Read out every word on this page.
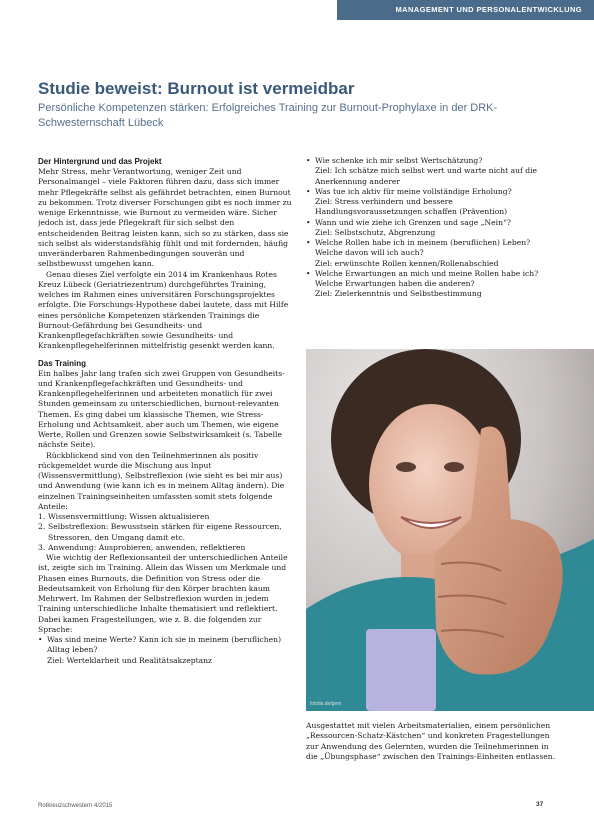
MANAGEMENT UND PERSONALENTWICKLUNG
Studie beweist: Burnout ist vermeidbar
Persönliche Kompetenzen stärken: Erfolgreiches Training zur Burnout-Prophylaxe in der DRK-Schwesternschaft Lübeck

Der Hintergrund und das Projekt

Mehr Stress, mehr Verantwortung, weniger Zeit und Personalmangel – viele Faktoren führen dazu, dass sich immer mehr Pflegekräfte selbst als gefährdet betrachten, einen Burnout zu bekommen. Trotz diverser Forschungen gibt es noch immer zu wenige Erkenntnisse, wie Burnout zu vermeiden wäre. Sicher jedoch ist, dass jede Pflegekraft für sich selbst den entscheidenden Beitrag leisten kann, sich so zu stärken, dass sie sich selbst als widerstandsfähig fühlt und mit fordernden, häufig unveränderbaren Rahmenbedingungen souverän und selbstbewusst umgehen kann.

Genau dieses Ziel verfolgte ein 2014 im Krankenhaus Rotes Kreuz Lübeck (Geriatriezentrum) durchgeführtes Training, welches im Rahmen eines universitären Forschungsprojektes erfolgte. Die Forschungs-Hypothese dabei lautete, dass mit Hilfe eines persönliche Kompetenzen stärkenden Trainings die Burnout-Gefährdung bei Gesundheits- und Krankenpflegefachkräften sowie Gesundheits- und Krankenpflegehelferinnen mittelfristig gesenkt werden kann.

Das Training

Ein halbes Jahr lang trafen sich zwei Gruppen von Gesundheits- und Krankenpflegefachkräften und Gesundheits- und Krankenpflegehelferinnen und arbeiteten monatlich für zwei Stunden gemeinsam zu unterschiedlichen, burnout-relevanten Themen. Es ging dabei um klassische Themen, wie Stress-Erholung und Achtsamkeit, aber auch um Themen, wie eigene Werte, Rollen und Grenzen sowie Selbstwirksamkeit (s. Tabelle nächste Seite).

Rückblickend sind von den Teilnehmerinnen als positiv rückgemeldet wurde die Mischung aus Input (Wissensvermittlung), Selbstreflexion (wie sieht es bei mir aus) und Anwendung (wie kann ich es in meinem Alltag ändern). Die einzelnen Trainingseinheiten umfassten somit stets folgende Anteile:

1. Wissensvermittlung: Wissen aktualisieren
2. Selbstreflexion: Bewusstsein stärken für eigene Ressourcen, Stressoren, den Umgang damit etc.
3. Anwendung: Ausprobieren, anwenden, reflektieren

Wie wichtig der Reflexionsanteil der unterschiedlichen Anteile ist, zeigte sich im Training. Allein das Wissen um Merkmale und Phasen eines Burnouts, die Definition von Stress oder die Bedeutsamkeit von Erholung für den Körper brachten kaum Mehrwert. Im Rahmen der Selbstreflexion wurden in jedem Training unterschiedliche Inhalte thematisiert und reflektiert. Dabei kamen Fragestellungen, wie z. B. die folgenden zur Sprache:

• Was sind meine Werte? Kann ich sie in meinem (beruflichen) Alltag leben?
Ziel: Werteklarheit und Realitätsakzeptanz
• Wie schenke ich mir selbst Wertschätzung?
Ziel: Ich schätze mich selbst wert und warte nicht auf die Anerkennung anderer
• Was tue ich aktiv für meine vollständige Erholung?
Ziel: Stress verhindern und bessere Handlungsvoraussetzungen schaffen (Prävention)
• Wann und wie ziehe ich Grenzen und sage „Nein“?
Ziel: Selbstschutz, Abgrenzung
• Welche Rollen habe ich in meinem (beruflichen) Leben? Welche davon will ich auch?
Ziel: erwünschte Rollen kennen/Rollenabschied
• Welche Erwartungen an mich und meine Rollen habe ich? Welche Erwartungen haben die anderen?
Ziel: Zielerkenntnis und Selbstbestimmung
fotolia.de/gem

Ausgestattet mit vielen Arbeitsmaterialien, einem persönlichen „Ressourcen-Schatz-Kästchen“ und konkreten Fragestellungen zur Anwendung des Gelernten, wurden die Teilnehmerinnen in die „Übungsphase“ zwischen den Trainings-Einheiten entlassen.

Rotkreuzschwestern 4/2015	37
